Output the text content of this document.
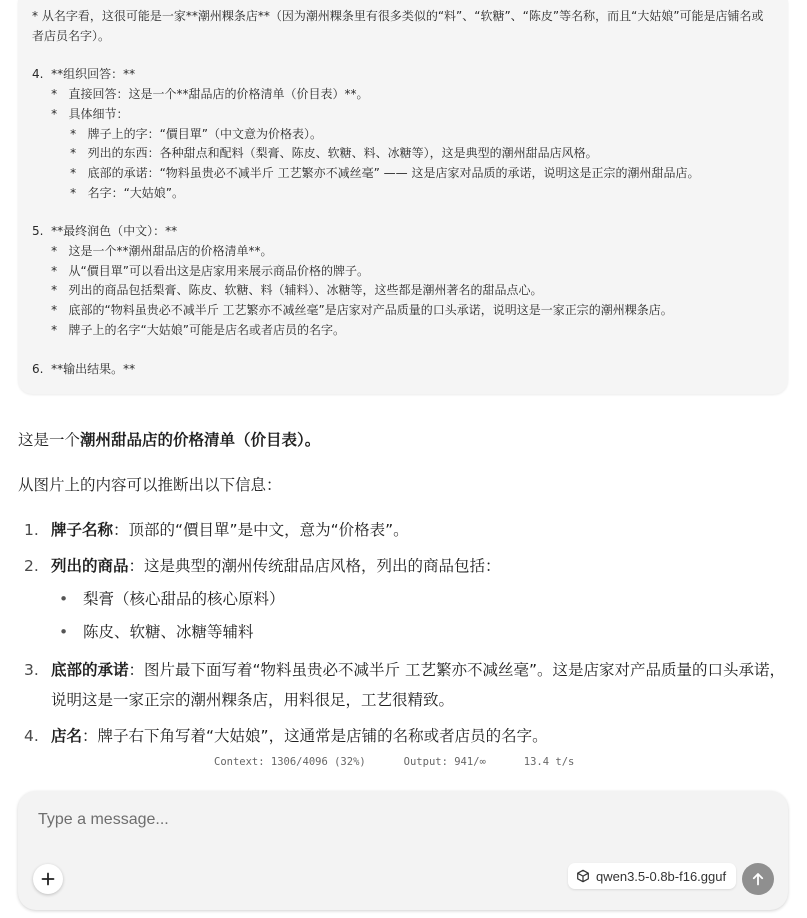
* 从名字看，这很可能是一家**潮州粿条店**（因为潮州粿条里有很多类似的“料”、“软糖”、“陈皮”等名称，而且“大姑娘”可能是店铺名或者店员名字）。
4.  **组织回答：**
*   直接回答：这是一个**甜品店的价格清单（价目表）**。
*   具体细节：
*   牌子上的字：“價目單”（中文意为价格表）。
*   列出的东西：各种甜点和配料（梨膏、陈皮、软糖、料、冰糖等），这是典型的潮州甜品店风格。
*   底部的承诺：“物料虽贵必不减半斤 工艺繁亦不减丝毫” —— 这是店家对品质的承诺，说明这是正宗的潮州甜品店。
*   名字：“大姑娘”。
5.  **最终润色（中文）：**
*   这是一个**潮州甜品店的价格清单**。
*   从“價目單”可以看出这是店家用来展示商品价格的牌子。
*   列出的商品包括梨膏、陈皮、软糖、料（辅料）、冰糖等，这些都是潮州著名的甜品点心。
*   底部的“物料虽贵必不减半斤 工艺繁亦不减丝毫”是店家对产品质量的口头承诺，说明这是一家正宗的潮州粿条店。
*   牌子上的名字“大姑娘”可能是店名或者店员的名字。
6.  **输出结果。**

这是一个潮州甜品店的价格清单（价目表）。

从图片上的内容可以推断出以下信息：

1. 牌子名称：顶部的“價目單”是中文，意为“价格表”。
2. 列出的商品：这是典型的潮州传统甜品店风格，列出的商品包括：
• 梨膏（核心甜品的核心原料）
• 陈皮、软糖、冰糖等辅料
3. 底部的承诺：图片最下面写着“物料虽贵必不减半斤 工艺繁亦不减丝毫”。这是店家对产品质量的口头承诺，说明这是一家正宗的潮州粿条店，用料很足，工艺很精致。
4. 店名：牌子右下角写着“大姑娘”，这通常是店铺的名称或者店员的名字。
Context: 1306/4096 (32%)	Output: 941/∞	13.4 t/s
Type a message...
qwen3.5-0.8b-f16.gguf
